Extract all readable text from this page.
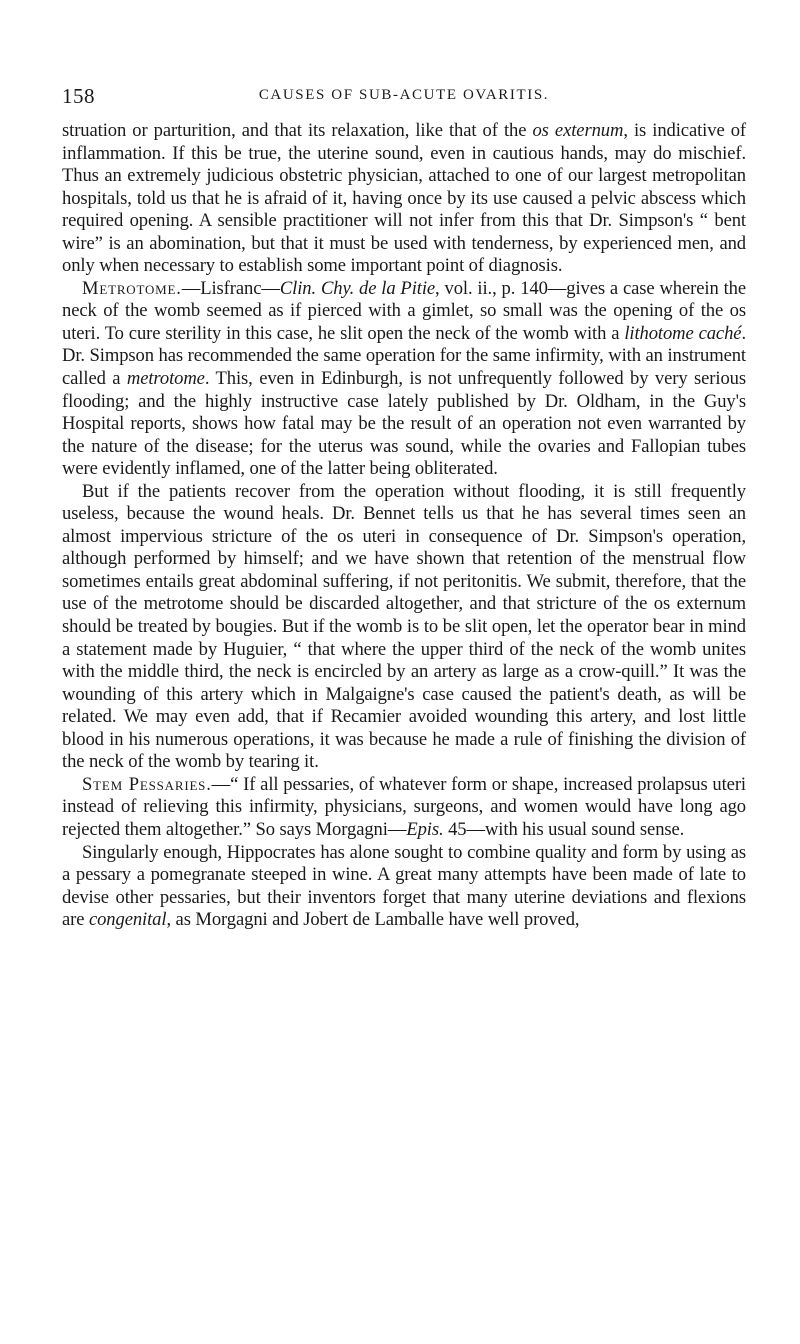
158	CAUSES OF SUB-ACUTE OVARITIS.

struation or parturition, and that its relaxation, like that of the os externum, is indicative of inflammation. If this be true, the uterine sound, even in cautious hands, may do mischief. Thus an extremely judicious obstetric physician, attached to one of our largest metropolitan hospitals, told us that he is afraid of it, having once by its use caused a pelvic abscess which required opening. A sensible practitioner will not infer from this that Dr. Simpson's “ bent wire” is an abomination, but that it must be used with tenderness, by experienced men, and only when necessary to establish some important point of diagnosis.

Metrotome.—Lisfranc—Clin. Chy. de la Pitie, vol. ii., p. 140—gives a case wherein the neck of the womb seemed as if pierced with a gimlet, so small was the opening of the os uteri. To cure sterility in this case, he slit open the neck of the womb with a lithotome caché. Dr. Simpson has recommended the same operation for the same infirmity, with an instrument called a metrotome. This, even in Edinburgh, is not unfrequently followed by very serious flooding; and the highly instructive case lately published by Dr. Oldham, in the Guy's Hospital reports, shows how fatal may be the result of an operation not even warranted by the nature of the disease; for the uterus was sound, while the ovaries and Fallopian tubes were evidently inflamed, one of the latter being obliterated.

But if the patients recover from the operation without flooding, it is still frequently useless, because the wound heals. Dr. Bennet tells us that he has several times seen an almost impervious stricture of the os uteri in consequence of Dr. Simpson's operation, although performed by himself; and we have shown that retention of the menstrual flow sometimes entails great abdominal suffering, if not peritonitis. We submit, therefore, that the use of the metrotome should be discarded altogether, and that stricture of the os externum should be treated by bougies. But if the womb is to be slit open, let the operator bear in mind a statement made by Huguier, “ that where the upper third of the neck of the womb unites with the middle third, the neck is encircled by an artery as large as a crow-quill.” It was the wounding of this artery which in Malgaigne's case caused the patient's death, as will be related. We may even add, that if Recamier avoided wounding this artery, and lost little blood in his numerous operations, it was because he made a rule of finishing the division of the neck of the womb by tearing it.

Stem Pessaries.—“ If all pessaries, of whatever form or shape, increased prolapsus uteri instead of relieving this infirmity, physicians, surgeons, and women would have long ago rejected them altogether.” So says Morgagni—Epis. 45—with his usual sound sense.

Singularly enough, Hippocrates has alone sought to combine quality and form by using as a pessary a pomegranate steeped in wine. A great many attempts have been made of late to devise other pessaries, but their inventors forget that many uterine deviations and flexions are congenital, as Morgagni and Jobert de Lamballe have well proved,
